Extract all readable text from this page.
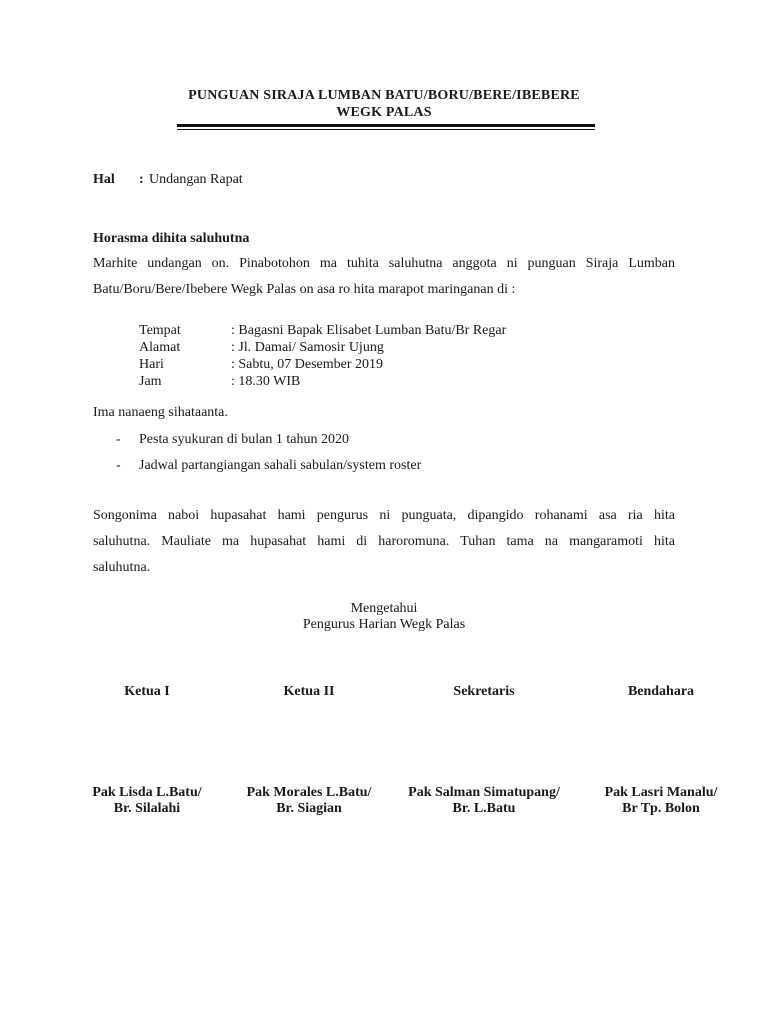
PUNGUAN SIRAJA LUMBAN BATU/BORU/BERE/IBEBERE
WEGK PALAS
Hal : Undangan Rapat
Horasma dihita saluhutna
Marhite undangan on. Pinabotohon ma tuhita saluhutna anggota ni punguan Siraja Lumban
Batu/Boru/Bere/Ibebere Wegk Palas on asa ro hita marapot maringanan di :
Tempat	: Bagasni Bapak Elisabet Lumban Batu/Br Regar
Alamat	: Jl. Damai/ Samosir Ujung
Hari	: Sabtu, 07 Desember 2019
Jam	: 18.30 WIB
Ima nanaeng sihataanta.
- Pesta syukuran di bulan 1 tahun 2020
- Jadwal partangiangan sahali sabulan/system roster
Songonima naboi hupasahat hami pengurus ni punguata, dipangido rohanami asa ria hita
saluhutna. Mauliate ma hupasahat hami di haroromuna. Tuhan tama na mangaramoti hita
saluhutna.
Mengetahui
Pengurus Harian Wegk Palas
Ketua I	Ketua II	Sekretaris	Bendahara
Pak Lisda L.Batu/	Pak Morales L.Batu/	Pak Salman Simatupang/	Pak Lasri Manalu/
Br. Silalahi	Br. Siagian	Br. L.Batu	Br Tp. Bolon
